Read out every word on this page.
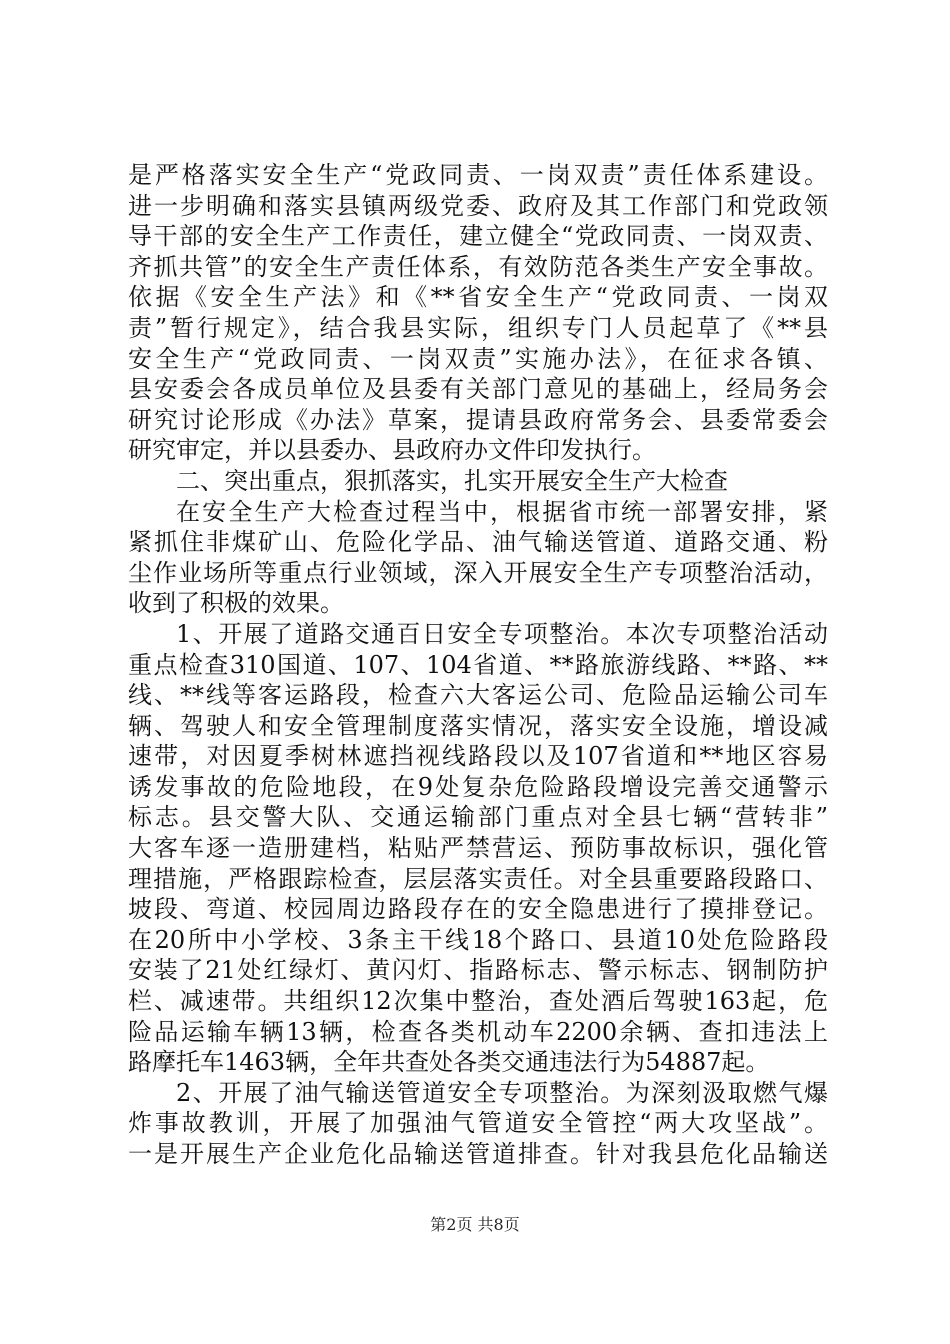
是严格落实安全生产“党政同责、一岗双责”责任体系建设。
进一步明确和落实县镇两级党委、政府及其工作部门和党政领
导干部的安全生产工作责任，建立健全“党政同责、一岗双责、
齐抓共管”的安全生产责任体系，有效防范各类生产安全事故。
依据《安全生产法》和《**省安全生产“党政同责、一岗双
责”暂行规定》，结合我县实际，组织专门人员起草了《**县
安全生产“党政同责、一岗双责”实施办法》，在征求各镇、
县安委会各成员单位及县委有关部门意见的基础上，经局务会
研究讨论形成《办法》草案，提请县政府常务会、县委常委会
研究审定，并以县委办、县政府办文件印发执行。
二、突出重点，狠抓落实，扎实开展安全生产大检查
在安全生产大检查过程当中，根据省市统一部署安排，紧
紧抓住非煤矿山、危险化学品、油气输送管道、道路交通、粉
尘作业场所等重点行业领域，深入开展安全生产专项整治活动，
收到了积极的效果。
1、开展了道路交通百日安全专项整治。本次专项整治活动
重点检查310国道、107、104省道、**路旅游线路、**路、**
线、**线等客运路段，检查六大客运公司、危险品运输公司车
辆、驾驶人和安全管理制度落实情况，落实安全设施，增设减
速带，对因夏季树林遮挡视线路段以及107省道和**地区容易
诱发事故的危险地段，在9处复杂危险路段增设完善交通警示
标志。县交警大队、交通运输部门重点对全县七辆“营转非”
大客车逐一造册建档，粘贴严禁营运、预防事故标识，强化管
理措施，严格跟踪检查，层层落实责任。对全县重要路段路口、
坡段、弯道、校园周边路段存在的安全隐患进行了摸排登记。
在20所中小学校、3条主干线18个路口、县道10处危险路段
安装了21处红绿灯、黄闪灯、指路标志、警示标志、钢制防护
栏、减速带。共组织12次集中整治，查处酒后驾驶163起，危
险品运输车辆13辆，检查各类机动车2200余辆、查扣违法上
路摩托车1463辆，全年共查处各类交通违法行为54887起。
2、开展了油气输送管道安全专项整治。为深刻汲取燃气爆
炸事故教训，开展了加强油气管道安全管控“两大攻坚战”。
一是开展生产企业危化品输送管道排查。针对我县危化品输送
第2页 共8页
